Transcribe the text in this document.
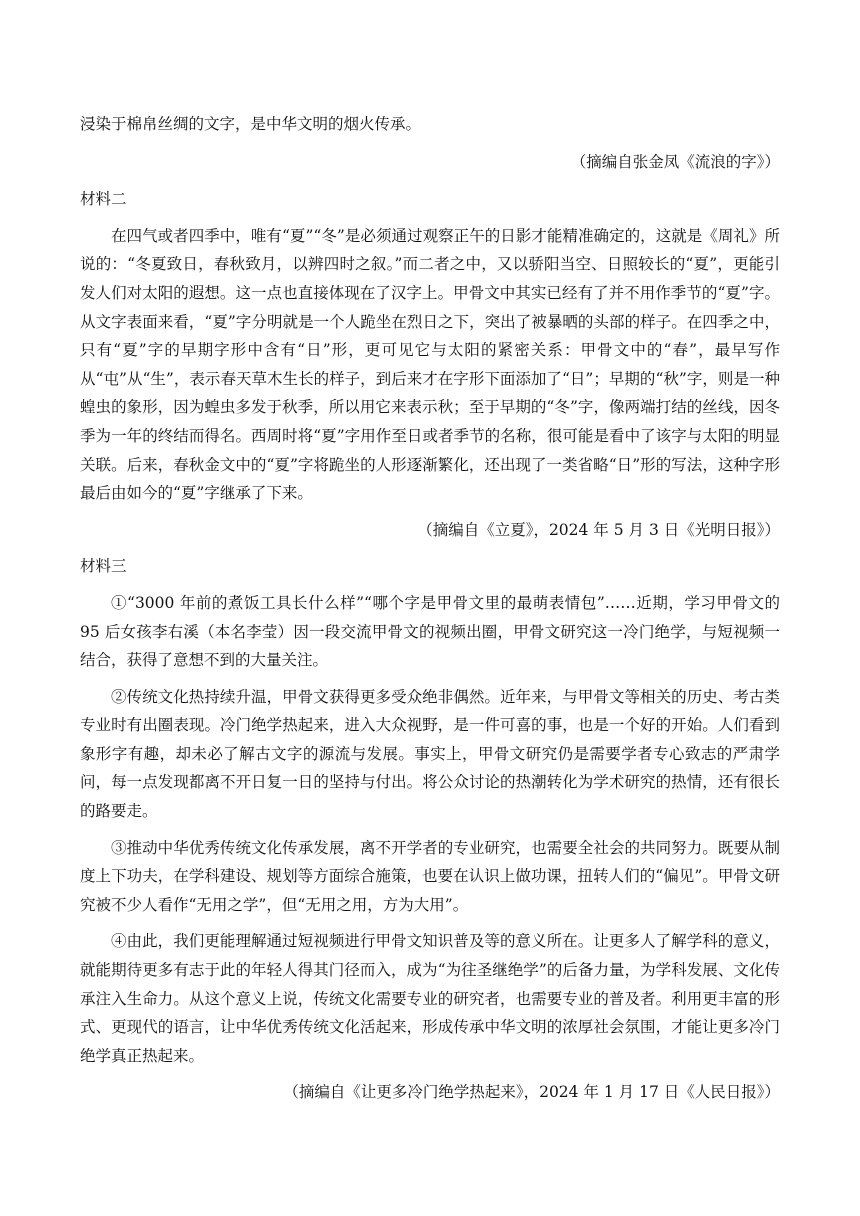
浸染于棉帛丝绸的文字，是中华文明的烟火传承。

（摘编自张金凤《流浪的字》）

材料二

在四气或者四季中，唯有“夏”“冬”是必须通过观察正午的日影才能精准确定的，这就是《周礼》所说的：“冬夏致日，春秋致月，以辨四时之叙。”而二者之中，又以骄阳当空、日照较长的“夏”，更能引发人们对太阳的遐想。这一点也直接体现在了汉字上。甲骨文中其实已经有了并不用作季节的“夏”字。从文字表面来看，“夏”字分明就是一个人跪坐在烈日之下，突出了被暴晒的头部的样子。在四季之中，只有“夏”字的早期字形中含有“日”形，更可见它与太阳的紧密关系：甲骨文中的“春”，最早写作从“屯”从“生”，表示春天草木生长的样子，到后来才在字形下面添加了“日”；早期的“秋”字，则是一种蝗虫的象形，因为蝗虫多发于秋季，所以用它来表示秋；至于早期的“冬”字，像两端打结的丝线，因冬季为一年的终结而得名。西周时将“夏”字用作至日或者季节的名称，很可能是看中了该字与太阳的明显关联。后来，春秋金文中的“夏”字将跪坐的人形逐渐繁化，还出现了一类省略“日”形的写法，这种字形最后由如今的“夏”字继承了下来。

（摘编自《立夏》，2024 年 5 月 3 日《光明日报》）

材料三

①“3000 年前的煮饭工具长什么样”“哪个字是甲骨文里的最萌表情包”……近期，学习甲骨文的 95 后女孩李右溪（本名李莹）因一段交流甲骨文的视频出圈，甲骨文研究这一冷门绝学，与短视频一结合，获得了意想不到的大量关注。

②传统文化热持续升温，甲骨文获得更多受众绝非偶然。近年来，与甲骨文等相关的历史、考古类专业时有出圈表现。冷门绝学热起来，进入大众视野，是一件可喜的事，也是一个好的开始。人们看到象形字有趣，却未必了解古文字的源流与发展。事实上，甲骨文研究仍是需要学者专心致志的严肃学问，每一点发现都离不开日复一日的坚持与付出。将公众讨论的热潮转化为学术研究的热情，还有很长的路要走。

③推动中华优秀传统文化传承发展，离不开学者的专业研究，也需要全社会的共同努力。既要从制度上下功夫，在学科建设、规划等方面综合施策，也要在认识上做功课，扭转人们的“偏见”。甲骨文研究被不少人看作“无用之学”，但“无用之用，方为大用”。

④由此，我们更能理解通过短视频进行甲骨文知识普及等的意义所在。让更多人了解学科的意义，就能期待更多有志于此的年轻人得其门径而入，成为“为往圣继绝学”的后备力量，为学科发展、文化传承注入生命力。从这个意义上说，传统文化需要专业的研究者，也需要专业的普及者。利用更丰富的形式、更现代的语言，让中华优秀传统文化活起来，形成传承中华文明的浓厚社会氛围，才能让更多冷门绝学真正热起来。

（摘编自《让更多冷门绝学热起来》，2024 年 1 月 17 日《人民日报》）
